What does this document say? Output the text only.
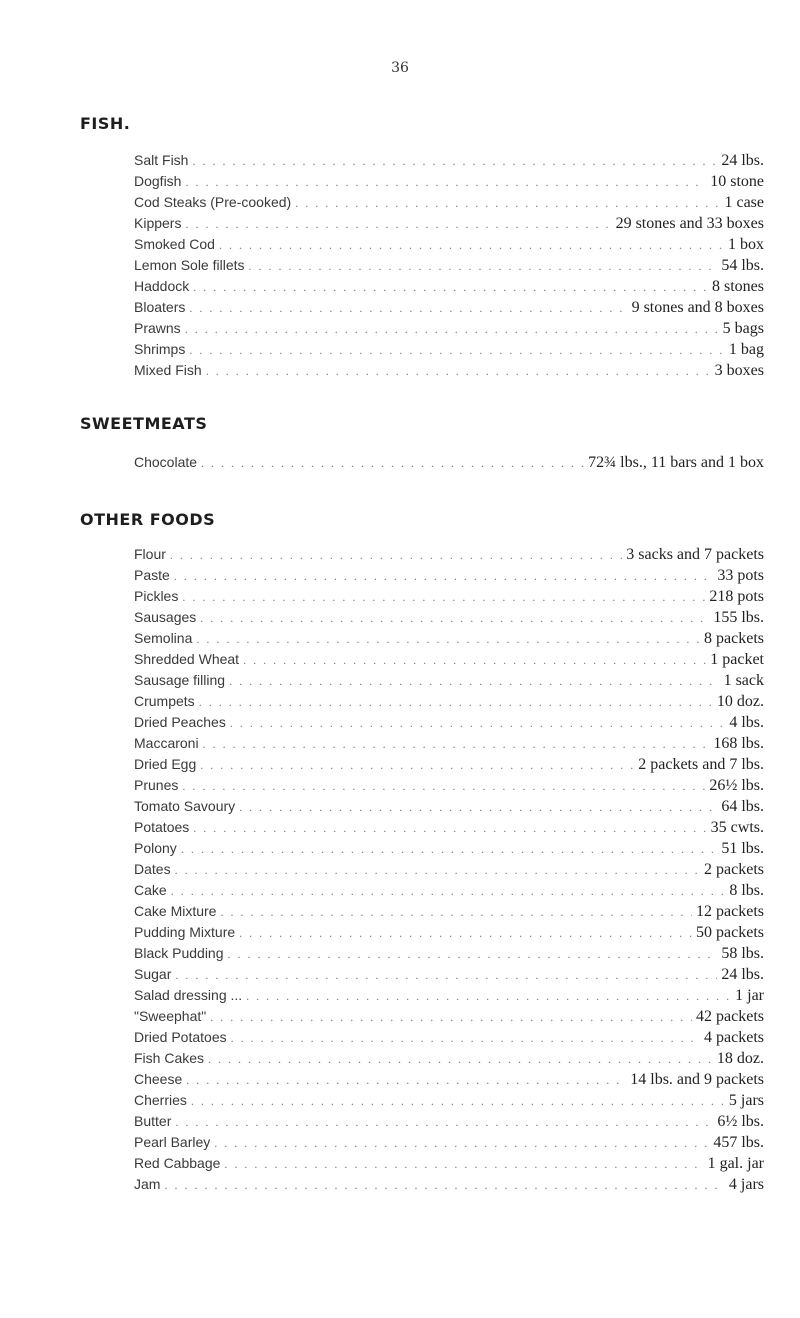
36
FISH.
Salt Fish . . .	24 lbs.
Dogfish . . .	10 stone
Cod Steaks (Pre-cooked) . . .	1 case
Kippers . . .	29 stones and 33 boxes
Smoked Cod . . .	1 box
Lemon Sole fillets . . .	54 lbs.
Haddock . . .	8 stones
Bloaters . . .	9 stones and 8 boxes
Prawns . . .	5 bags
Shrimps . . .	1 bag
Mixed Fish . . .	3 boxes
SWEETMEATS
Chocolate . . .	72¾ lbs., 11 bars and 1 box
OTHER FOODS
Flour . . .	3 sacks and 7 packets
Paste . . .	33 pots
Pickles . . .	218 pots
Sausages . . .	155 lbs.
Semolina . . .	8 packets
Shredded Wheat . . .	1 packet
Sausage filling . . .	1 sack
Crumpets . . .	10 doz.
Dried Peaches . . .	4 lbs.
Maccaroni . . .	168 lbs.
Dried Egg . . .	2 packets and 7 lbs.
Prunes . . .	26½ lbs.
Tomato Savoury . . .	64 lbs.
Potatoes . . .	35 cwts.
Polony . . .	51 lbs.
Dates . . .	2 packets
Cake . . .	8 lbs.
Cake Mixture . . .	12 packets
Pudding Mixture . . .	50 packets
Black Pudding . . .	58 lbs.
Sugar . . .	24 lbs.
Salad dressing ... . . .	1 jar
"Sweephat" . . .	42 packets
Dried Potatoes . . .	4 packets
Fish Cakes . . .	18 doz.
Cheese . . .	14 lbs. and 9 packets
Cherries . . .	5 jars
Butter . . .	6½ lbs.
Pearl Barley . . .	457 lbs.
Red Cabbage . . .	1 gal. jar
Jam . . .	4 jars
